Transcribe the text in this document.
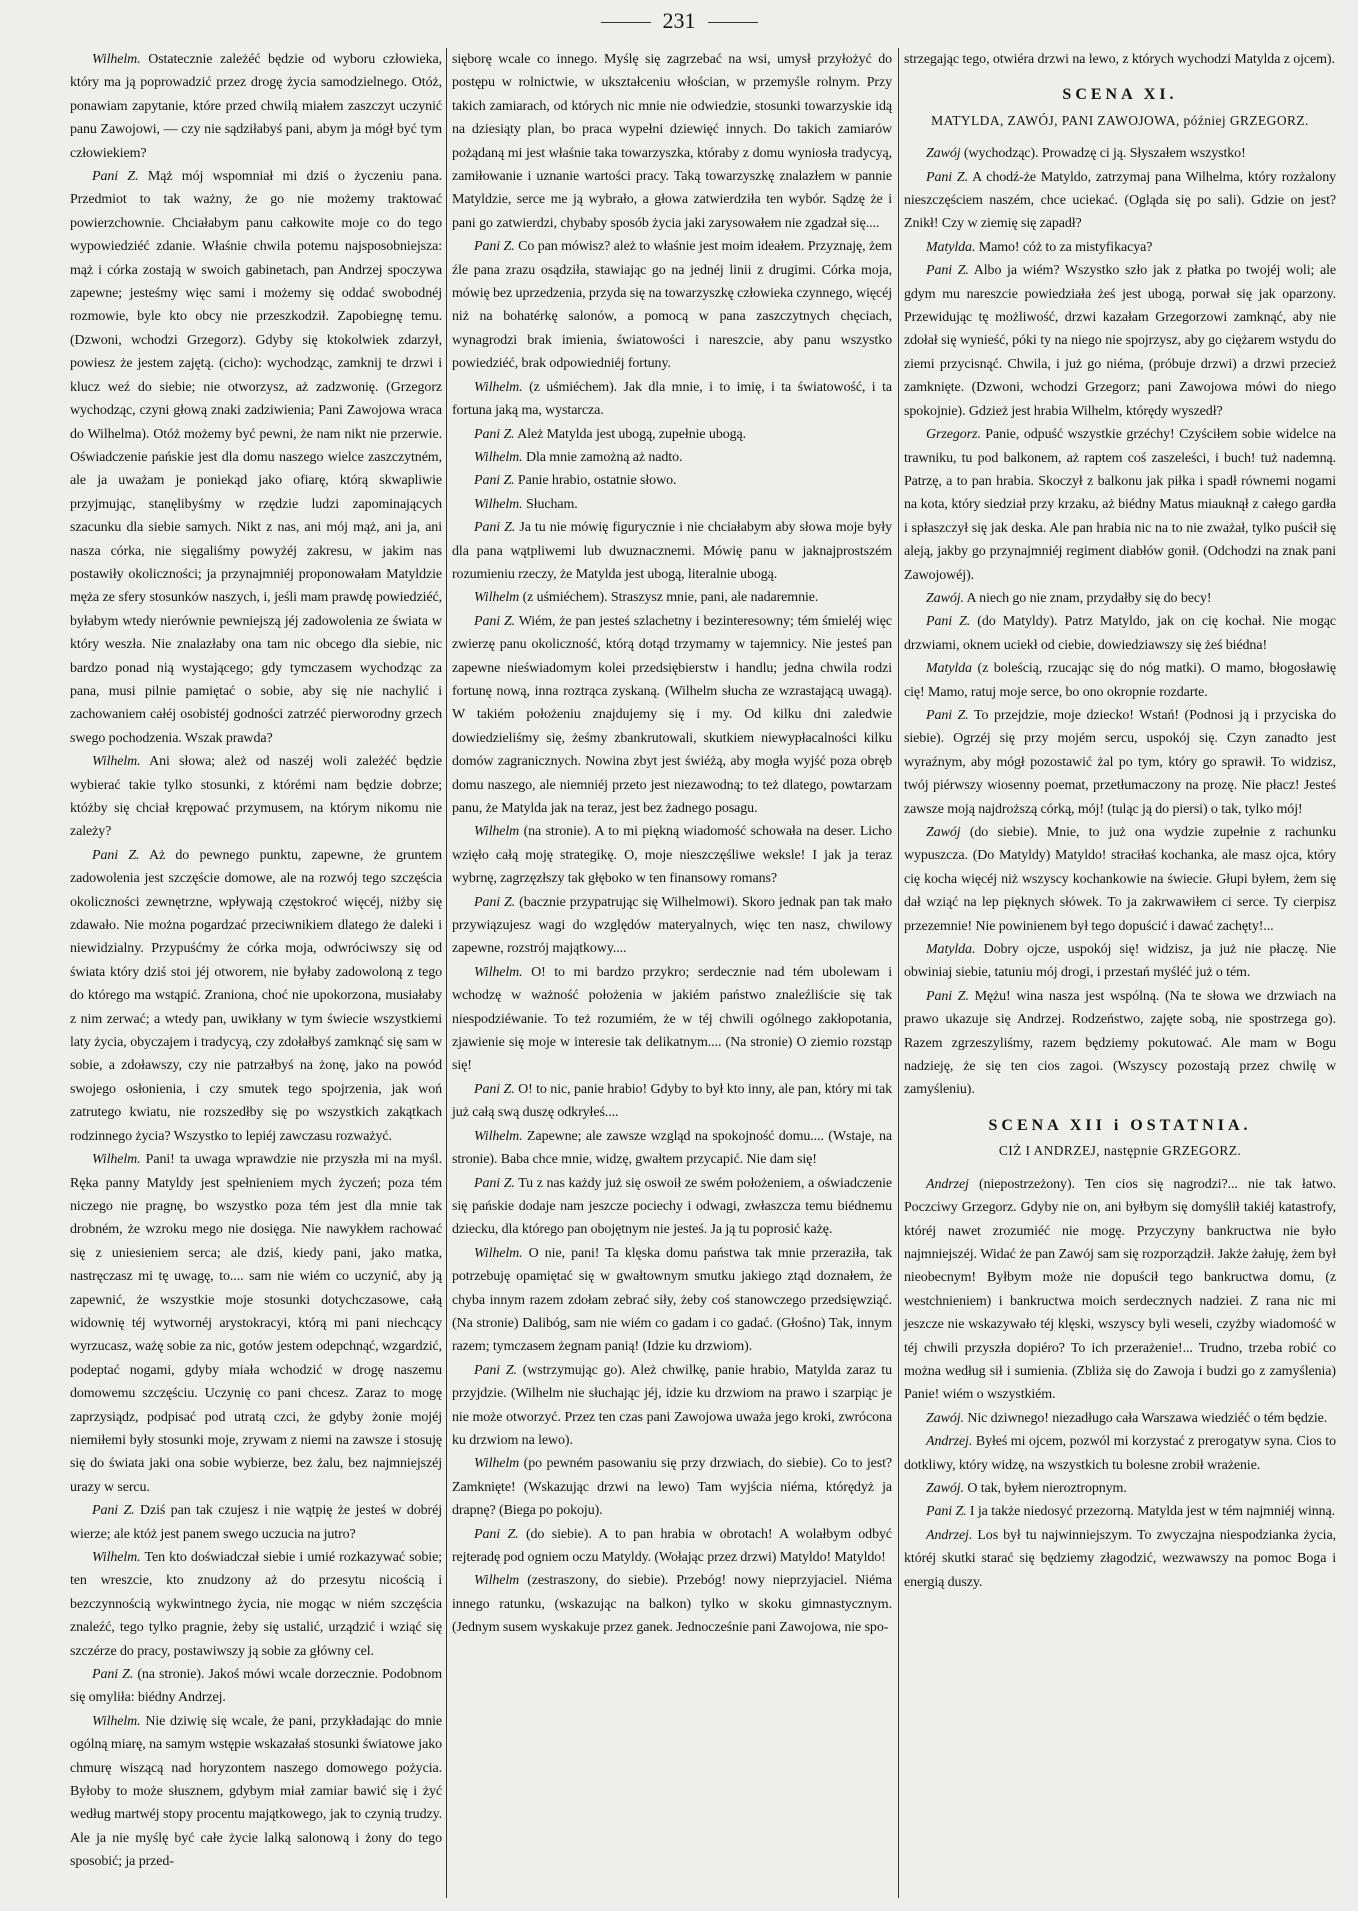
231

Wilhelm. Ostatecznie zależéć będzie od wyboru człowieka, który ma ją poprowadzić przez drogę życia samodzielnego. Otóż, ponawiam zapytanie, które przed chwilą miałem zaszczyt uczynić panu Zawojowi, — czy nie sądziłabyś pani, abym ja mógł być tym człowiekiem?

Pani Z. Mąż mój wspomniał mi dziś o życzeniu pana. Przedmiot to tak ważny, że go nie możemy traktować powierzchownie. Chciałabym panu całkowite moje co do tego wypowiedziéć zdanie. Właśnie chwila potemu najsposobniejsza: mąż i córka zostają w swoich gabinetach, pan Andrzej spoczywa zapewne; jesteśmy więc sami i możemy się oddać swobodnéj rozmowie, byle kto obcy nie przeszkodził. Zapobiegnę temu. (Dzwoni, wchodzi Grzegorz). Gdyby się ktokolwiek zdarzył, powiesz że jestem zajętą. (cicho): wychodząc, zamknij te drzwi i klucz weź do siebie; nie otworzysz, aż zadzwonię. (Grzegorz wychodząc, czyni głową znaki zadziwienia; Pani Zawojowa wraca do Wilhelma). Otóż możemy być pewni, że nam nikt nie przerwie. Oświadczenie pańskie jest dla domu naszego wielce zaszczytném, ale ja uważam je poniekąd jako ofiarę, którą skwapliwie przyjmując, stanęlibyśmy w rzędzie ludzi zapominających szacunku dla siebie samych. Nikt z nas, ani mój mąż, ani ja, ani nasza córka, nie sięgaliśmy powyżéj zakresu, w jakim nas postawiły okoliczności; ja przynajmniéj proponowałam Matyldzie męża ze sfery stosunków naszych, i, jeśli mam prawdę powiedziéć, byłabym wtedy nierównie pewniejszą jéj zadowolenia ze świata w który weszła. Nie znalazłaby ona tam nic obcego dla siebie, nic bardzo ponad nią wystającego; gdy tymczasem wychodząc za pana, musi pilnie pamiętać o sobie, aby się nie nachylić i zachowaniem całéj osobistéj godności zatrzéć pierworodny grzech swego pochodzenia. Wszak prawda?

Wilhelm. Ani słowa; ależ od naszéj woli zależéć będzie wybierać takie tylko stosunki, z którémi nam będzie dobrze; któżby się chciał krępować przymusem, na którym nikomu nie zależy?

Pani Z. Aż do pewnego punktu, zapewne, że gruntem zadowolenia jest szczęście domowe, ale na rozwój tego szczęścia okoliczności zewnętrzne, wpływają częstokroć więcéj, niżby się zdawało. Nie można pogardzać przeciwnikiem dlatego że daleki i niewidzialny. Przypuśćmy że córka moja, odwróciwszy się od świata który dziś stoi jéj otworem, nie byłaby zadowoloną z tego do którego ma wstąpić. Zraniona, choć nie upokorzona, musiałaby z nim zerwać; a wtedy pan, uwikłany w tym świecie wszystkiemi laty życia, obyczajem i tradycyą, czy zdołałbyś zamknąć się sam w sobie, a zdoławszy, czy nie patrzałbyś na żonę, jako na powód swojego osłonienia, i czy smutek tego spojrzenia, jak woń zatrutego kwiatu, nie rozszedłby się po wszystkich zakątkach rodzinnego życia? Wszystko to lepiéj zawczasu rozważyć.

Wilhelm. Pani! ta uwaga wprawdzie nie przyszła mi na myśl. Ręka panny Matyldy jest spełnieniem mych życzeń; poza tém niczego nie pragnę, bo wszystko poza tém jest dla mnie tak drobném, że wzroku mego nie dosięga. Nie nawykłem rachować się z uniesieniem serca; ale dziś, kiedy pani, jako matka, nastręczasz mi tę uwagę, to.... sam nie wiém co uczynić, aby ją zapewnić, że wszystkie moje stosunki dotychczasowe, całą widownię téj wytwornéj arystokracyi, którą mi pani niechcący wyrzucasz, ważę sobie za nic, gotów jestem odepchnąć, wzgardzić, podeptać nogami, gdyby miała wchodzić w drogę naszemu domowemu szczęściu. Uczynię co pani chcesz. Zaraz to mogę zaprzysiądz, podpisać pod utratą czci, że gdyby żonie mojéj niemiłemi były stosunki moje, zrywam z niemi na zawsze i stosuję się do świata jaki ona sobie wybierze, bez żalu, bez najmniejszéj urazy w sercu.

Pani Z. Dziś pan tak czujesz i nie wątpię że jesteś w dobréj wierze; ale któż jest panem swego uczucia na jutro?

Wilhelm. Ten kto doświadczał siebie i umié rozkazywać sobie; ten wreszcie, kto znudzony aż do przesytu nicością i bezczynnością wykwintnego życia, nie mogąc w niém szczęścia znaleźć, tego tylko pragnie, żeby się ustalić, urządzić i wziąć się szczérze do pracy, postawiwszy ją sobie za główny cel.

Pani Z. (na stronie). Jakoś mówi wcale dorzecznie. Podobnom się omyliła: biédny Andrzej.

Wilhelm. Nie dziwię się wcale, że pani, przykładając do mnie ogólną miarę, na samym wstępie wskazałaś stosunki światowe jako chmurę wiszącą nad horyzontem naszego domowego pożycia. Byłoby to może słusznem, gdybym miał zamiar bawić się i żyć według martwéj stopy procentu majątkowego, jak to czynią trudzy. Ale ja nie myślę być całe życie lalką salonową i żony do tego sposobić; ja przed-

sięborę wcale co innego. Myślę się zagrzebać na wsi, umysł przyłożyć do postępu w rolnictwie, w ukształceniu włościan, w przemyśle rolnym. Przy takich zamiarach, od których nic mnie nie odwiedzie, stosunki towarzyskie idą na dziesiąty plan, bo praca wypełni dziewięć innych. Do takich zamiarów pożądaną mi jest właśnie taka towarzyszka, któraby z domu wyniosła tradycyą, zamiłowanie i uznanie wartości pracy. Taką towarzyszkę znalazłem w pannie Matyldzie, serce me ją wybrało, a głowa zatwierdziła ten wybór. Sądzę że i pani go zatwierdzi, chybaby sposób życia jaki zarysowałem nie zgadzał się....

Pani Z. Co pan mówisz? ależ to właśnie jest moim ideałem. Przyznaję, żem źle pana zrazu osądziła, stawiając go na jednéj linii z drugimi. Córka moja, mówię bez uprzedzenia, przyda się na towarzyszkę człowieka czynnego, więcéj niż na bohatérkę salonów, a pomocą w pana zaszczytnych chęciach, wynagrodzi brak imienia, światowości i nareszcie, aby panu wszystko powiedziéć, brak odpowiedniéj fortuny.

Wilhelm. (z uśmiéchem). Jak dla mnie, i to imię, i ta światowość, i ta fortuna jaką ma, wystarcza.

Pani Z. Ależ Matylda jest ubogą, zupełnie ubogą.

Wilhelm. Dla mnie zamożną aż nadto.

Pani Z. Panie hrabio, ostatnie słowo.

Wilhelm. Słucham.

Pani Z. Ja tu nie mówię figurycznie i nie chciałabym aby słowa moje były dla pana wątpliwemi lub dwuznacznemi. Mówię panu w jaknajprostszém rozumieniu rzeczy, że Matylda jest ubogą, literalnie ubogą.

Wilhelm (z uśmiéchem). Straszysz mnie, pani, ale nadaremnie.

Pani Z. Wiém, że pan jesteś szlachetny i bezinteresowny; tém śmieléj więc zwierzę panu okoliczność, którą dotąd trzymamy w tajemnicy. Nie jesteś pan zapewne nieświadomym kolei przedsiębierstw i handlu; jedna chwila rodzi fortunę nową, inna roztrąca zyskaną. (Wilhelm słucha ze wzrastającą uwagą). W takiém położeniu znajdujemy się i my. Od kilku dni zaledwie dowiedzieliśmy się, żeśmy zbankrutowali, skutkiem niewypłacalności kilku domów zagranicznych. Nowina zbyt jest świéżą, aby mogła wyjść poza obręb domu naszego, ale niemniéj przeto jest niezawodną; to też dlatego, powtarzam panu, że Matylda jak na teraz, jest bez żadnego posagu.

Wilhelm (na stronie). A to mi piękną wiadomość schowała na deser. Licho wzięło całą moję strategikę. O, moje nieszczęśliwe weksle! I jak ja teraz wybrnę, zagrzęzłszy tak głęboko w ten finansowy romans?

Pani Z. (bacznie przypatrując się Wilhelmowi). Skoro jednak pan tak mało przywiązujesz wagi do względów materyalnych, więc ten nasz, chwilowy zapewne, rozstrój majątkowy....

Wilhelm. O! to mi bardzo przykro; serdecznie nad tém ubolewam i wchodzę w ważność położenia w jakiém państwo znaleźliście się tak niespodziéwanie. To też rozumiém, że w téj chwili ogólnego zakłopotania, zjawienie się moje w interesie tak delikatnym.... (Na stronie) O ziemio rozstąp się!

Pani Z. O! to nic, panie hrabio! Gdyby to był kto inny, ale pan, który mi tak już całą swą duszę odkryłeś....

Wilhelm. Zapewne; ale zawsze wzgląd na spokojność domu.... (Wstaje, na stronie). Baba chce mnie, widzę, gwałtem przycapić. Nie dam się!

Pani Z. Tu z nas każdy już się oswoił ze swém położeniem, a oświadczenie się pańskie dodaje nam jeszcze pociechy i odwagi, zwłaszcza temu biédnemu dziecku, dla którego pan obojętnym nie jesteś. Ja ją tu poprosić każę.

Wilhelm. O nie, pani! Ta klęska domu państwa tak mnie przeraziła, tak potrzebuję opamiętać się w gwałtownym smutku jakiego ztąd doznałem, że chyba innym razem zdołam zebrać siły, żeby coś stanowczego przedsięwziąć. (Na stronie) Dalibóg, sam nie wiém co gadam i co gadać. (Głośno) Tak, innym razem; tymczasem żegnam panią! (Idzie ku drzwiom).

Pani Z. (wstrzymując go). Ależ chwilkę, panie hrabio, Matylda zaraz tu przyjdzie. (Wilhelm nie słuchając jéj, idzie ku drzwiom na prawo i szarpiąc je nie może otworzyć. Przez ten czas pani Zawojowa uważa jego kroki, zwrócona ku drzwiom na lewo).

Wilhelm (po pewném pasowaniu się przy drzwiach, do siebie). Co to jest? Zamknięte! (Wskazując drzwi na lewo) Tam wyjścia niéma, którędyż ja drapnę? (Biega po pokoju).

Pani Z. (do siebie). A to pan hrabia w obrotach! A wolałbym odbyć rejteradę pod ogniem oczu Matyldy. (Wołając przez drzwi) Matyldo! Matyldo!

Wilhelm (zestraszony, do siebie). Przebóg! nowy nieprzyjaciel. Niéma innego ratunku, (wskazując na balkon) tylko w skoku gimnastycznym. (Jednym susem wyskakuje przez ganek. Jednocześnie pani Zawojowa, nie spo-

strzegając tego, otwiéra drzwi na lewo, z których wychodzi Matylda z ojcem).

SCENA XI.
MATYLDA, ZAWÓJ, PANI ZAWOJOWA, później GRZEGORZ.

Zawój (wychodząc). Prowadzę ci ją. Słyszałem wszystko!

Pani Z. A chodź-że Matyldo, zatrzymaj pana Wilhelma, który rozżalony nieszczęściem naszém, chce uciekać. (Ogląda się po sali). Gdzie on jest? Znikł! Czy w ziemię się zapadł?

Matylda. Mamo! cóż to za mistyfikacya?

Pani Z. Albo ja wiém? Wszystko szło jak z płatka po twojéj woli; ale gdym mu nareszcie powiedziała żeś jest ubogą, porwał się jak oparzony. Przewidując tę możliwość, drzwi kazałam Grzegorzowi zamknąć, aby nie zdołał się wynieść, póki ty na niego nie spojrzysz, aby go ciężarem wstydu do ziemi przycisnąć. Chwila, i już go niéma, (próbuje drzwi) a drzwi przecież zamknięte. (Dzwoni, wchodzi Grzegorz; pani Zawojowa mówi do niego spokojnie). Gdzież jest hrabia Wilhelm, którędy wyszedł?

Grzegorz. Panie, odpuść wszystkie grzéchy! Czyściłem sobie widelce na trawniku, tu pod balkonem, aż raptem coś zaszeleści, i buch! tuż nademną. Patrzę, a to pan hrabia. Skoczył z balkonu jak piłka i spadł równemi nogami na kota, który siedział przy krzaku, aż biédny Matus miauknął z całego gardła i spłaszczył się jak deska. Ale pan hrabia nic na to nie zważał, tylko puścił się aleją, jakby go przynajmniéj regiment diabłów gonił. (Odchodzi na znak pani Zawojowéj).

Zawój. A niech go nie znam, przydałby się do becy!

Pani Z. (do Matyldy). Patrz Matyldo, jak on cię kochał. Nie mogąc drzwiami, oknem uciekł od ciebie, dowiedziawszy się żeś biédna!

Matylda (z boleścią, rzucając się do nóg matki). O mamo, błogosławię cię! Mamo, ratuj moje serce, bo ono okropnie rozdarte.

Pani Z. To przejdzie, moje dziecko! Wstań! (Podnosi ją i przyciska do siebie). Ogrzéj się przy mojém sercu, uspokój się. Czyn zanadto jest wyraźnym, aby mógł pozostawić żal po tym, który go sprawił. To widzisz, twój piérwszy wiosenny poemat, przetłumaczony na prozę. Nie płacz! Jesteś zawsze moją najdroższą córką, mój! (tuląc ją do piersi) o tak, tylko mój!

Zawój (do siebie). Mnie, to już ona wydzie zupełnie z rachunku wypuszcza. (Do Matyldy) Matyldo! straciłaś kochanka, ale masz ojca, który cię kocha więcéj niż wszyscy kochankowie na świecie. Głupi byłem, żem się dał wziąć na lep pięknych słówek. To ja zakrwawiłem ci serce. Ty cierpisz przezemnie! Nie powinienem był tego dopuścić i dawać zachęty!...

Matylda. Dobry ojcze, uspokój się! widzisz, ja już nie płaczę. Nie obwiniaj siebie, tatuniu mój drogi, i przestań myśléć już o tém.

Pani Z. Mężu! wina nasza jest wspólną. (Na te słowa we drzwiach na prawo ukazuje się Andrzej. Rodzeństwo, zajęte sobą, nie spostrzega go). Razem zgrzeszyliśmy, razem będziemy pokutować. Ale mam w Bogu nadzieję, że się ten cios zagoi. (Wszyscy pozostają przez chwilę w zamyśleniu).

SCENA XII i OSTATNIA.
CIŻ I ANDRZEJ, następnie GRZEGORZ.

Andrzej (niepostrzeżony). Ten cios się nagrodzi?... nie tak łatwo. Poczciwy Grzegorz. Gdyby nie on, ani byłbym się domyślił takiéj katastrofy, któréj nawet zrozumiéć nie mogę. Przyczyny bankructwa nie było najmniejszéj. Widać że pan Zawój sam się rozporządził. Jakże żałuję, żem był nieobecnym! Byłbym może nie dopuścił tego bankructwa domu, (z westchnieniem) i bankructwa moich serdecznych nadziei. Z rana nic mi jeszcze nie wskazywało téj klęski, wszyscy byli weseli, czyżby wiadomość w téj chwili przyszła dopiéro? To ich przerażenie!... Trudno, trzeba robić co można według sił i sumienia. (Zbliża się do Zawoja i budzi go z zamyślenia) Panie! wiém o wszystkiém.

Zawój. Nic dziwnego! niezadługo cała Warszawa wiedziéć o tém będzie.

Andrzej. Byłeś mi ojcem, pozwól mi korzystać z prerogatyw syna. Cios to dotkliwy, który widzę, na wszystkich tu bolesne zrobił wrażenie.

Zawój. O tak, byłem nieroztropnym.

Pani Z. I ja także niedosyć przezorną. Matylda jest w tém najmniéj winną.

Andrzej. Los był tu najwinniejszym. To zwyczajna niespodzianka życia, któréj skutki starać się będziemy złagodzić, wezwawszy na pomoc Boga i energią duszy.
